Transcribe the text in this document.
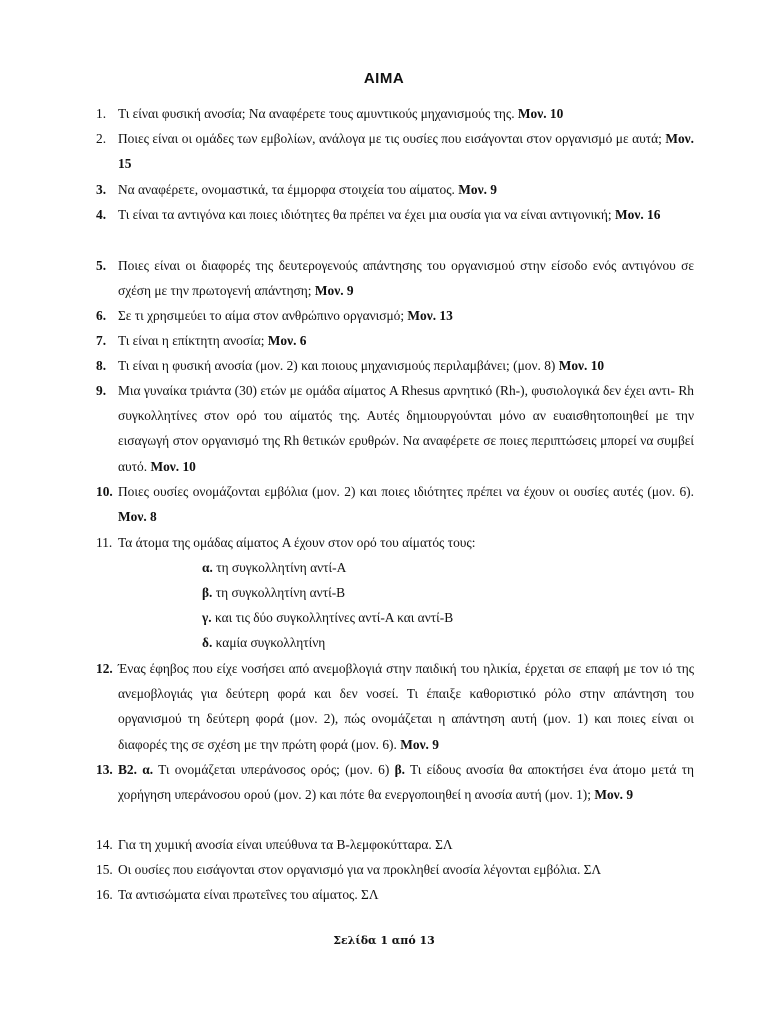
AIMA
1. Τι είναι φυσική ανοσία; Να αναφέρετε τους αμυντικούς μηχανισμούς της. Μον. 10
2. Ποιες είναι οι ομάδες των εμβολίων, ανάλογα με τις ουσίες που εισάγονται στον οργανισμό με αυτά; Μον. 15
3. Να αναφέρετε, ονομαστικά, τα έμμορφα στοιχεία του αίματος. Μον. 9
4. Τι είναι τα αντιγόνα και ποιες ιδιότητες θα πρέπει να έχει μια ουσία για να είναι αντιγονική; Μον. 16
5. Ποιες είναι οι διαφορές της δευτερογενούς απάντησης του οργανισμού στην είσοδο ενός αντιγόνου σε σχέση με την πρωτογενή απάντηση; Μον. 9
6. Σε τι χρησιμεύει το αίμα στον ανθρώπινο οργανισμό; Μον. 13
7. Τι είναι η επίκτητη ανοσία; Μον. 6
8. Τι είναι η φυσική ανοσία (μον. 2) και ποιους μηχανισμούς περιλαμβάνει; (μον. 8) Μον. 10
9. Μια γυναίκα τριάντα (30) ετών με ομάδα αίματος A Rhesus αρνητικό (Rh-), φυσιολογικά δεν έχει αντι- Rh συγκολλητίνες στον ορό του αίματός της. Αυτές δημιουργούνται μόνο αν ευαισθητοποιηθεί με την εισαγωγή στον οργανισμό της Rh θετικών ερυθρών. Να αναφέρετε σε ποιες περιπτώσεις μπορεί να συμβεί αυτό. Μον. 10
10. Ποιες ουσίες ονομάζονται εμβόλια (μον. 2) και ποιες ιδιότητες πρέπει να έχουν οι ουσίες αυτές (μον. 6). Μον. 8
11. Τα άτομα της ομάδας αίματος A έχουν στον ορό του αίματός τους:
α. τη συγκολλητίνη αντί-A
β. τη συγκολλητίνη αντί-B
γ. και τις δύο συγκολλητίνες αντί-A και αντί-B
δ. καμία συγκολλητίνη
12. Ένας έφηβος που είχε νοσήσει από ανεμοβλογιά στην παιδική του ηλικία, έρχεται σε επαφή με τον ιό της ανεμοβλογιάς για δεύτερη φορά και δεν νοσεί. Τι έπαιξε καθοριστικό ρόλο στην απάντηση του οργανισμού τη δεύτερη φορά (μον. 2), πώς ονομάζεται η απάντηση αυτή (μον. 1) και ποιες είναι οι διαφορές της σε σχέση με την πρώτη φορά (μον. 6). Μον. 9
13. Β2. α. Τι ονομάζεται υπεράνοσος ορός; (μον. 6) β. Τι είδους ανοσία θα αποκτήσει ένα άτομο μετά τη χορήγηση υπεράνοσου ορού (μον. 2) και πότε θα ενεργοποιηθεί η ανοσία αυτή (μον. 1); Μον. 9
14. Για τη χυμική ανοσία είναι υπεύθυνα τα Β-λεμφοκύτταρα. ΣΛ
15. Οι ουσίες που εισάγονται στον οργανισμό για να προκληθεί ανοσία λέγονται εμβόλια. ΣΛ
16. Τα αντισώματα είναι πρωτεΐνες του αίματος. ΣΛ
Σελίδα 1 από 13
